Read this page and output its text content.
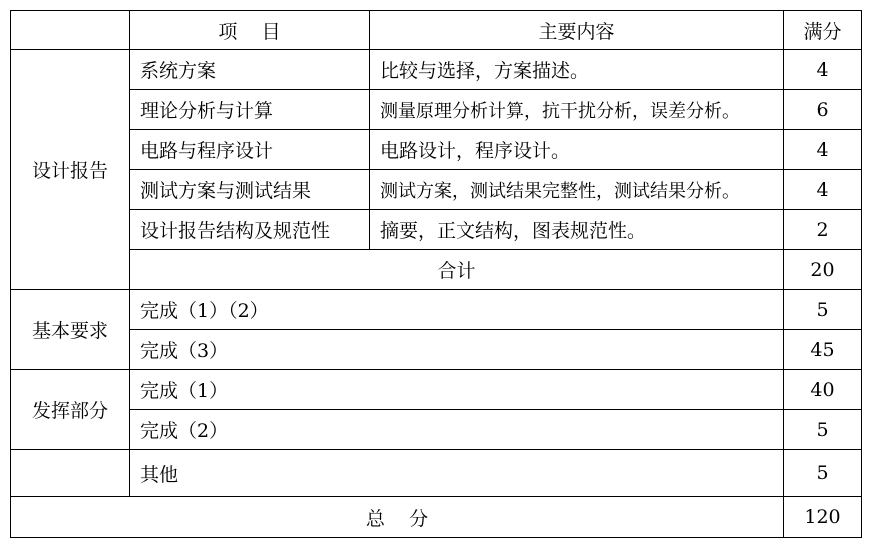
	项    目	主要内容	满分
设计报告	系统方案	比较与选择，方案描述。	4
	理论分析与计算	测量原理分析计算，抗干扰分析，误差分析。	6
	电路与程序设计	电路设计，程序设计。	4
	测试方案与测试结果	测试方案，测试结果完整性，测试结果分析。	4
	设计报告结构及规范性	摘要，正文结构，图表规范性。	2
	合计		20
基本要求	完成（1）（2）		5
	完成（3）		45
发挥部分	完成（1）		40
	完成（2）		5
	其他		5
总    分			120
